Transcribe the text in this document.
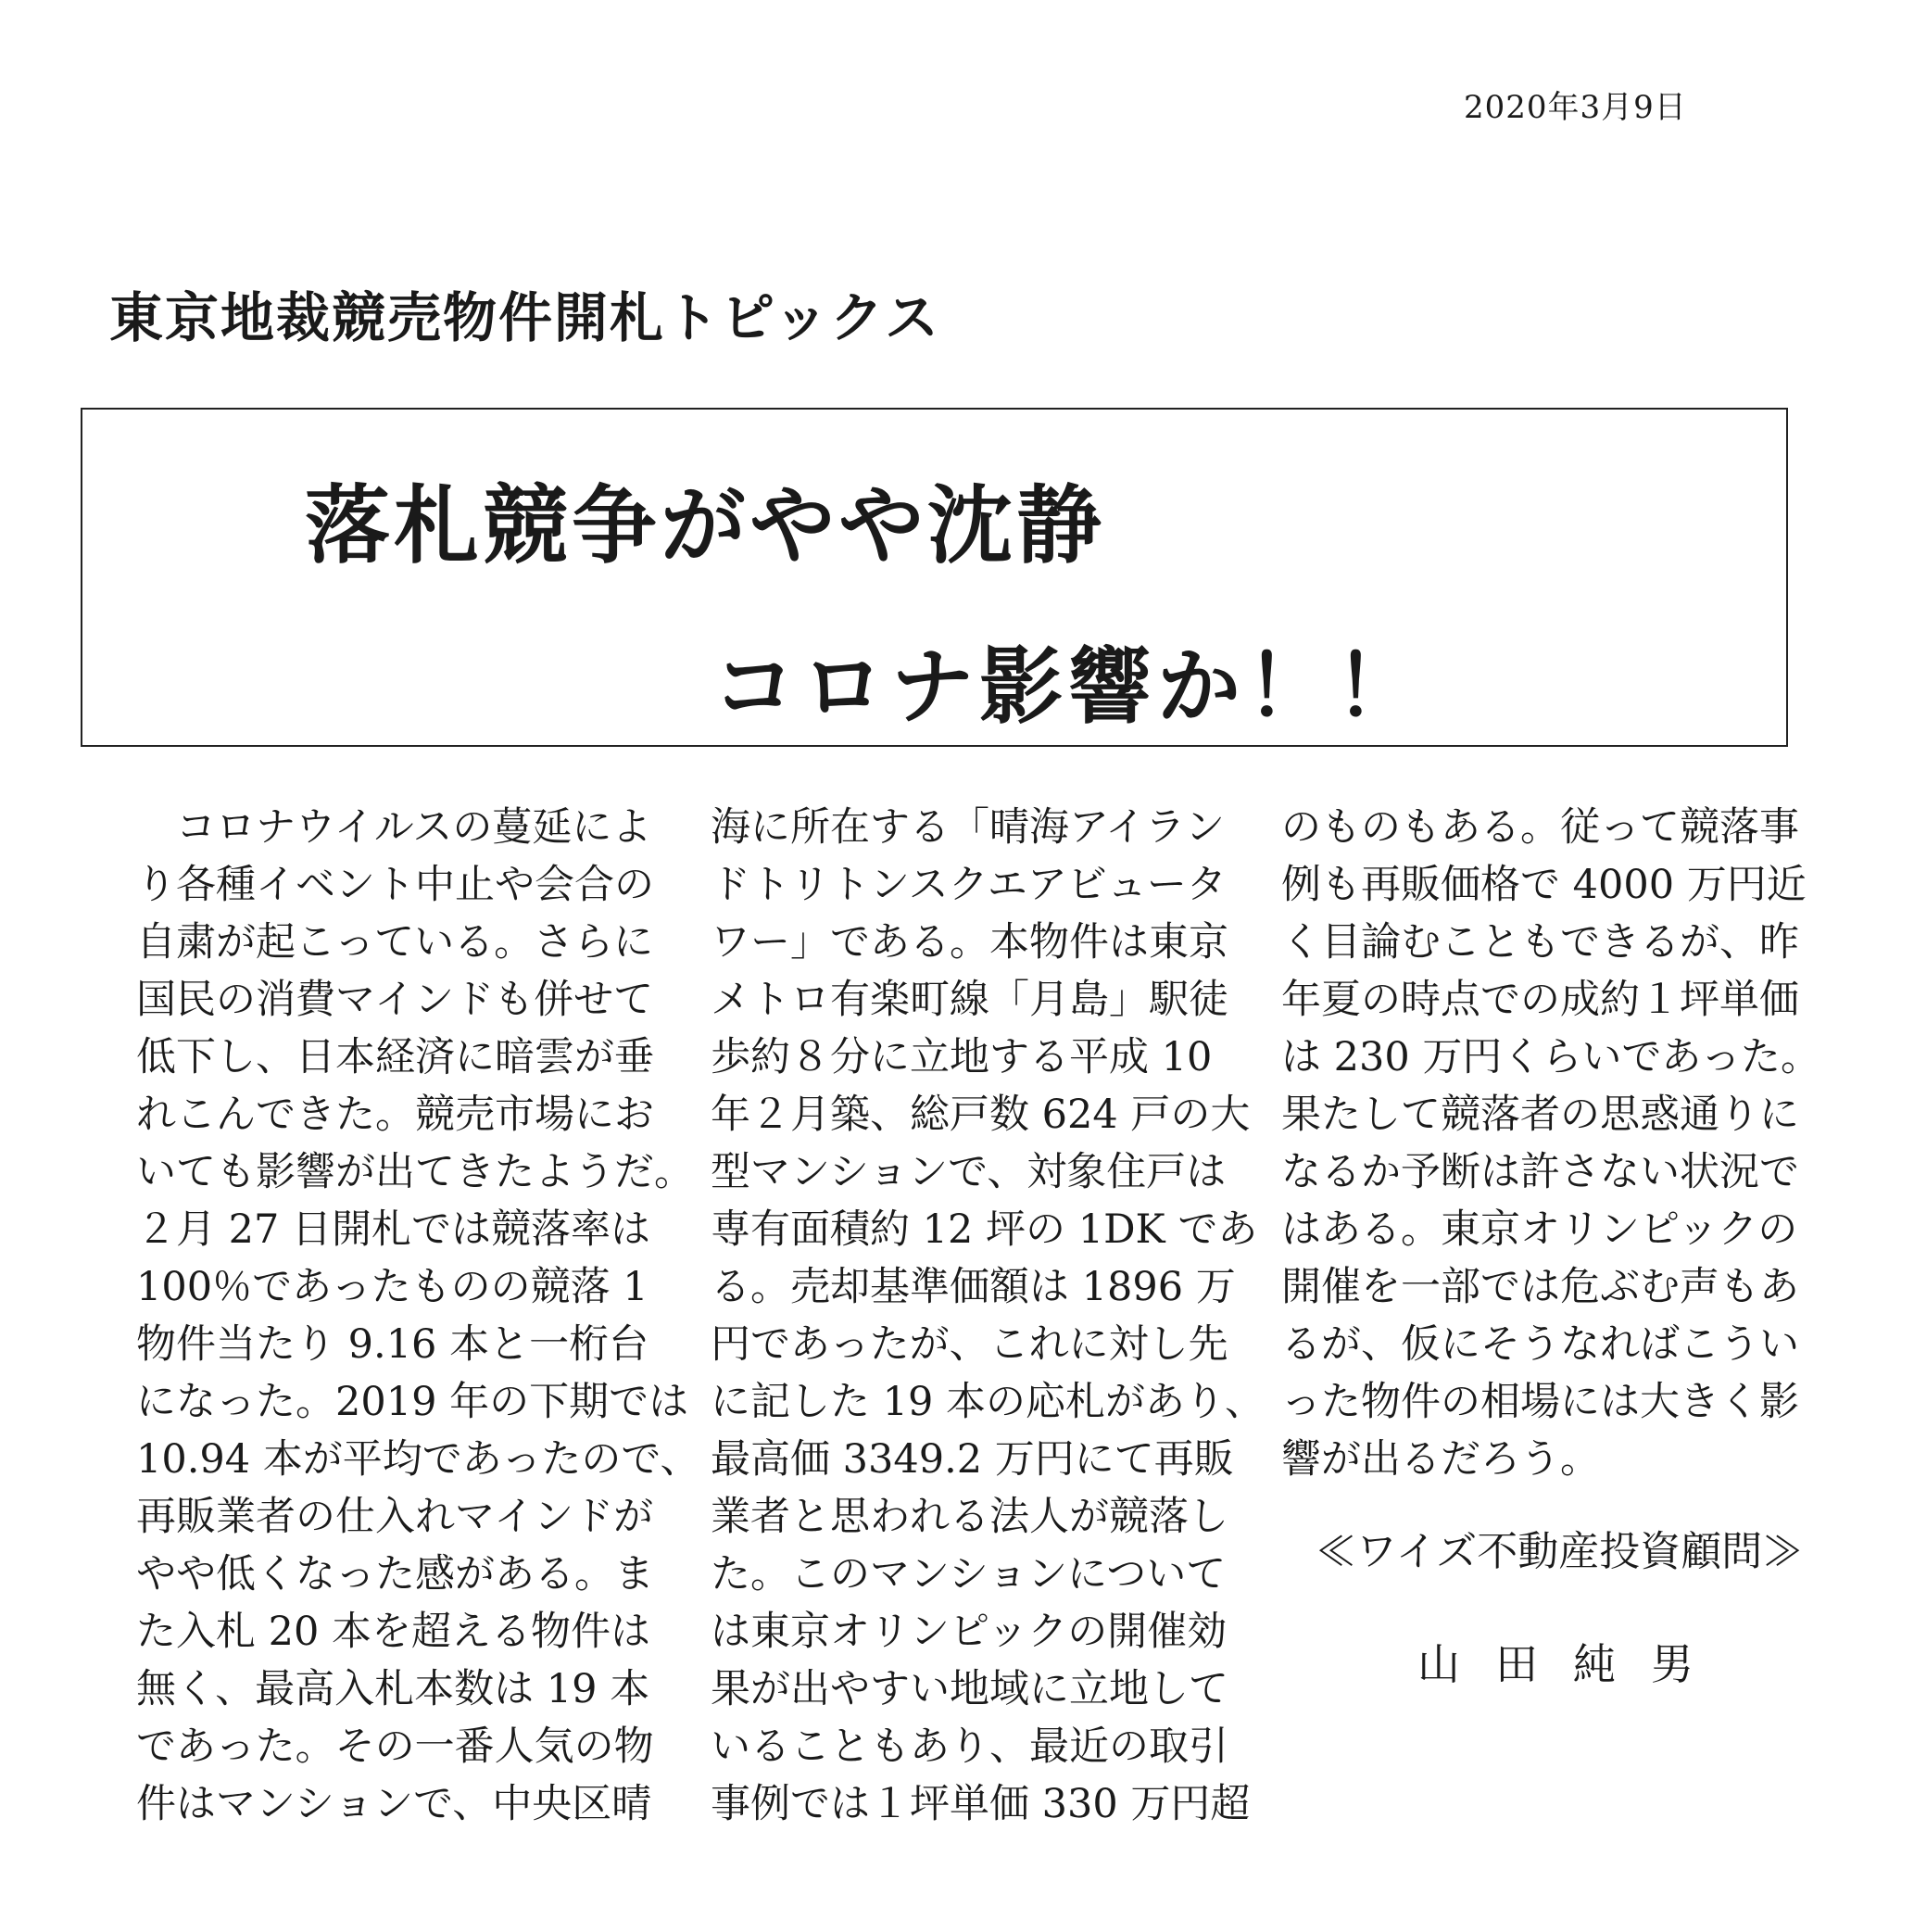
2020年3月9日
東京地裁競売物件開札トピックス
落札競争がやや沈静
コロナ影響か！！
　コロナウイルスの蔓延によ
り各種イベント中止や会合の
自粛が起こっている。さらに
国民の消費マインドも併せて
低下し、日本経済に暗雲が垂
れこんできた。競売市場にお
いても影響が出てきたようだ。
２月 27 日開札では競落率は
100％であったものの競落 1
物件当たり 9.16 本と一桁台
になった。2019 年の下期では
10.94 本が平均であったので、
再販業者の仕入れマインドが
やや低くなった感がある。ま
た入札 20 本を超える物件は
無く、最高入札本数は 19 本
であった。その一番人気の物
件はマンションで、中央区晴
海に所在する「晴海アイラン
ドトリトンスクエアビュータ
ワー」である。本物件は東京
メトロ有楽町線「月島」駅徒
歩約８分に立地する平成 10
年２月築、総戸数 624 戸の大
型マンションで、対象住戸は
専有面積約 12 坪の 1DK であ
る。売却基準価額は 1896 万
円であったが、これに対し先
に記した 19 本の応札があり、
最高価 3349.2 万円にて再販
業者と思われる法人が競落し
た。このマンションについて
は東京オリンピックの開催効
果が出やすい地域に立地して
いることもあり、最近の取引
事例では１坪単価 330 万円超
のものもある。従って競落事
例も再販価格で 4000 万円近
く目論むこともできるが、昨
年夏の時点での成約１坪単価
は 230 万円くらいであった。
果たして競落者の思惑通りに
なるか予断は許さない状況で
はある。東京オリンピックの
開催を一部では危ぶむ声もあ
るが、仮にそうなればこうい
った物件の相場には大きく影
響が出るだろう。
≪ワイズ不動産投資顧問≫
山田純男
